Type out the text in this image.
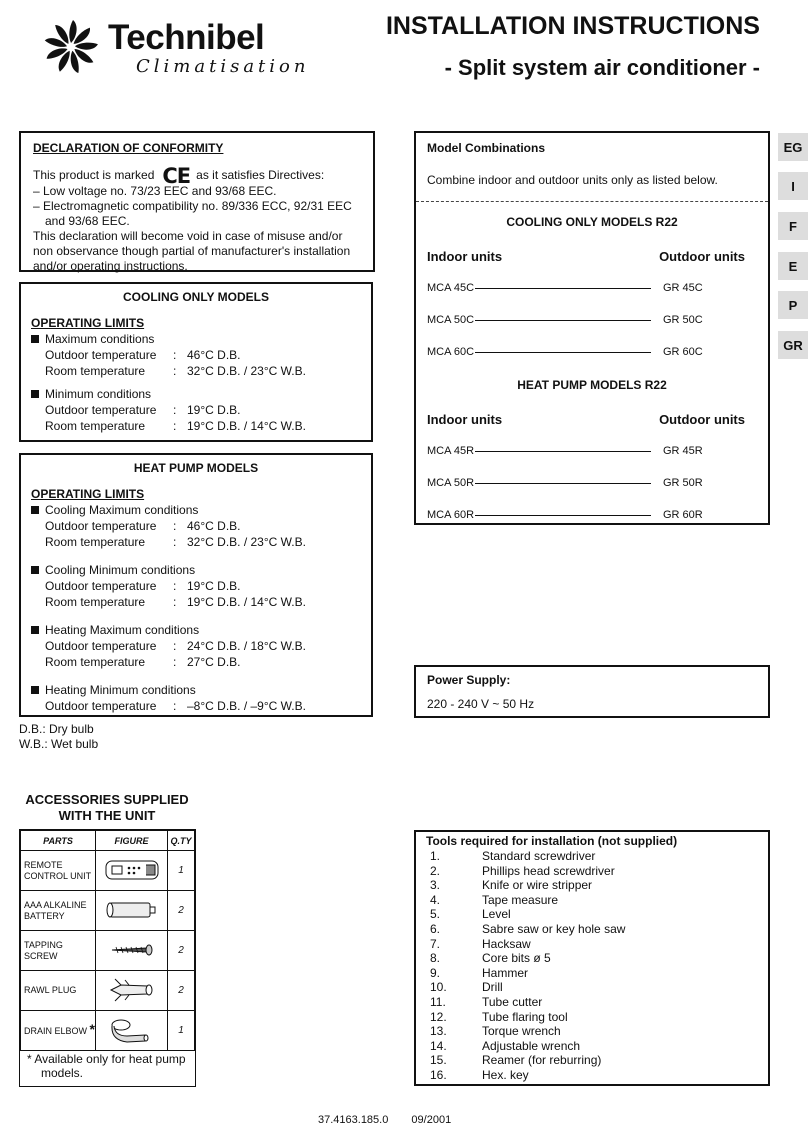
Technibel
Climatisation
INSTALLATION INSTRUCTIONS
- Split system air conditioner -
EG
I
F
E
P
GR
DECLARATION OF CONFORMITY
This product is marked CE as it satisfies Directives:
– Low voltage no. 73/23 EEC and 93/68 EEC.
– Electromagnetic compatibility no. 89/336 ECC, 92/31 EEC and 93/68 EEC.
This declaration will become void in case of misuse and/or non observance though partial of manufacturer's installation and/or operating instructions.
COOLING ONLY MODELS
OPERATING LIMITS
Maximum conditions
Outdoor temperature	: 46°C D.B.
Room temperature	: 32°C D.B. / 23°C W.B.
Minimum conditions
Outdoor temperature	: 19°C D.B.
Room temperature	: 19°C D.B. / 14°C W.B.
HEAT PUMP MODELS
OPERATING LIMITS
Cooling Maximum conditions
Outdoor temperature	: 46°C D.B.
Room temperature	: 32°C D.B. / 23°C W.B.
Cooling Minimum conditions
Outdoor temperature	: 19°C D.B.
Room temperature	: 19°C D.B. / 14°C W.B.
Heating Maximum conditions
Outdoor temperature	: 24°C D.B. / 18°C W.B.
Room temperature	: 27°C D.B.
Heating Minimum conditions
Outdoor temperature	: –8°C D.B. / –9°C W.B.
D.B.: Dry bulb
W.B.: Wet bulb
Model Combinations
Combine indoor and outdoor units only as listed below.
COOLING ONLY MODELS R22
Indoor units	Outdoor units
MCA 45C	GR 45C
MCA 50C	GR 50C
MCA 60C	GR 60C
HEAT PUMP MODELS R22
Indoor units	Outdoor units
MCA 45R	GR 45R
MCA 50R	GR 50R
MCA 60R	GR 60R
Power Supply:
220 - 240 V ~ 50 Hz
ACCESSORIES SUPPLIED WITH THE UNIT
PARTS	FIGURE	Q.TY
REMOTE CONTROL UNIT		1
AAA ALKALINE BATTERY		2
TAPPING SCREW		2
RAWL PLUG		2
DRAIN ELBOW *		1
* Available only for heat pump models.
Tools required for installation (not supplied)
1.	Standard screwdriver
2.	Phillips head screwdriver
3.	Knife or wire stripper
4.	Tape measure
5.	Level
6.	Sabre saw or key hole saw
7.	Hacksaw
8.	Core bits ø 5
9.	Hammer
10.	Drill
11.	Tube cutter
12.	Tube flaring tool
13.	Torque wrench
14.	Adjustable wrench
15.	Reamer (for reburring)
16.	Hex. key
37.4163.185.0 09/2001
